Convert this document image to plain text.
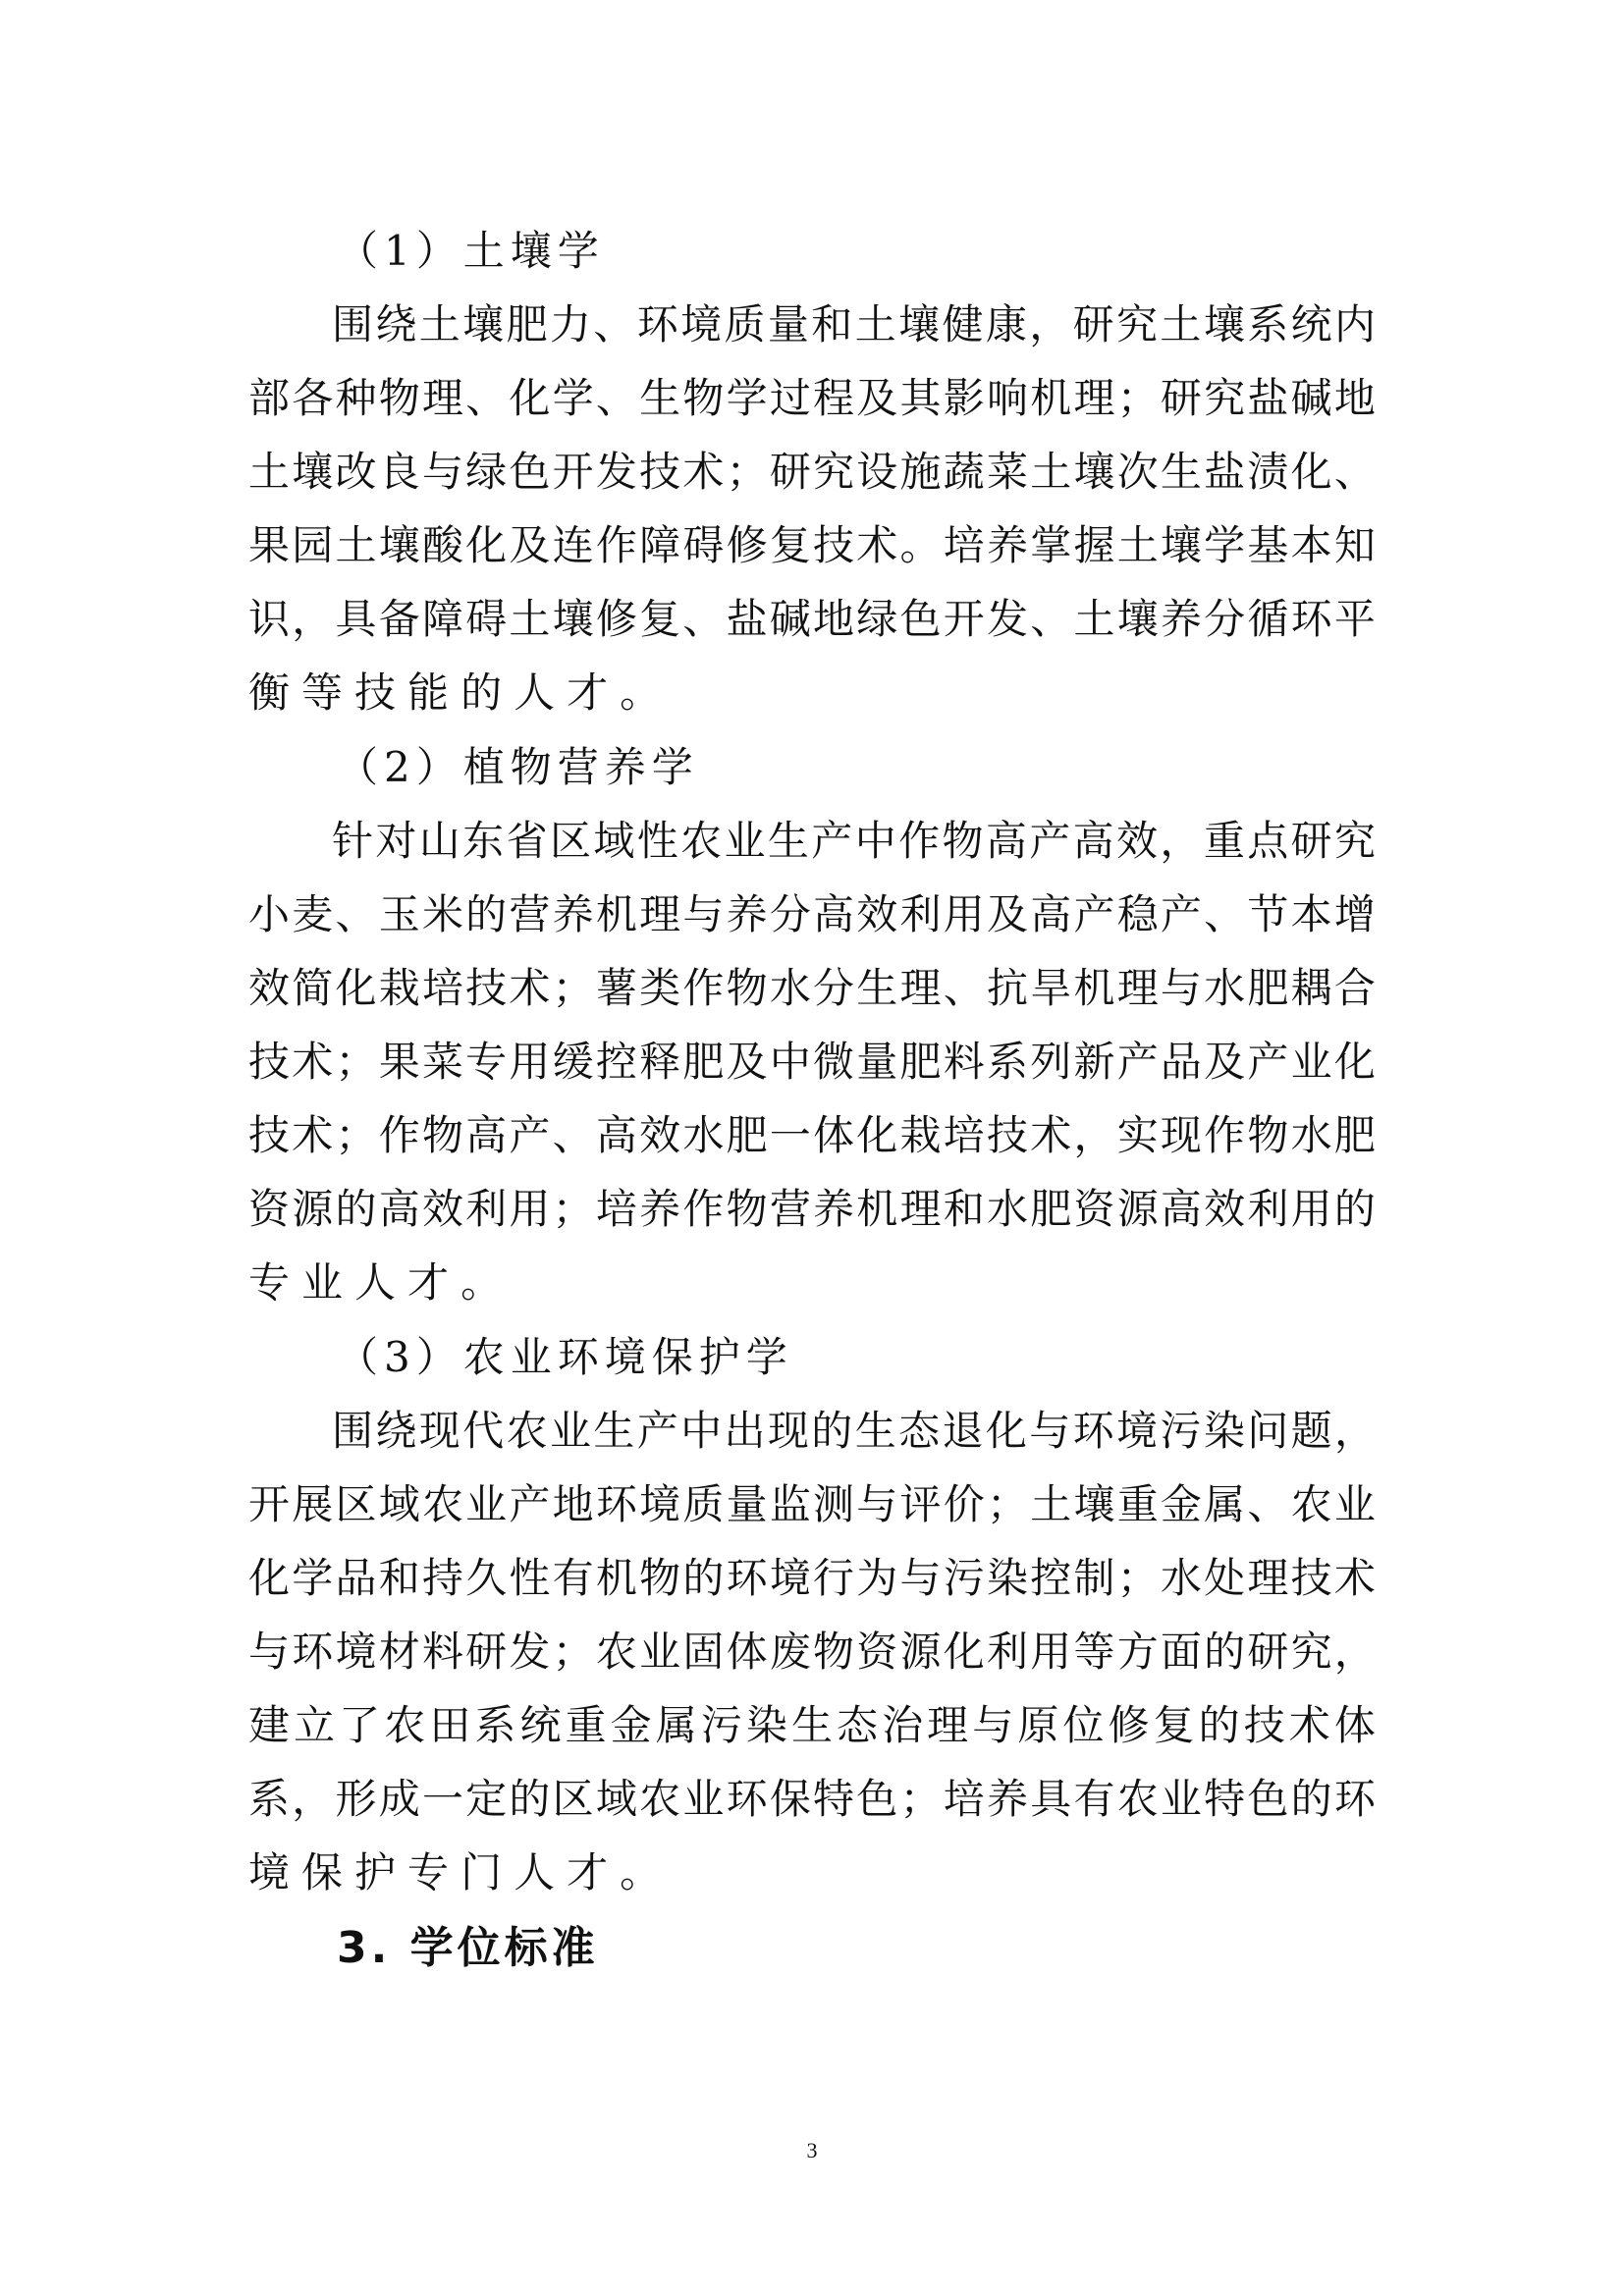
（1）土壤学
围 绕 土 壤 肥 力 、 环 境 质 量 和 土 壤 健 康 ， 研 究 土 壤 系 统 内
部 各 种 物 理 、 化 学 、 生 物 学 过 程 及 其 影 响 机 理 ； 研 究 盐 碱 地
土 壤 改 良 与 绿 色 开 发 技 术 ； 研 究 设 施 蔬 菜 土 壤 次 生 盐 渍 化 、
果 园 土 壤 酸 化 及 连 作 障 碍 修 复 技 术 。 培 养 掌 握 土 壤 学 基 本 知
识 ， 具 备 障 碍 土 壤 修 复 、 盐 碱 地 绿 色 开 发 、 土 壤 养 分 循 环 平
衡 等 技 能 的 人 才 。
（2）植物营养学
针 对 山 东 省 区 域 性 农 业 生 产 中 作 物 高 产 高 效 ， 重 点 研 究
小 麦 、 玉 米 的 营 养 机 理 与 养 分 高 效 利 用 及 高 产 稳 产 、 节 本 增
效 简 化 栽 培 技 术 ； 薯 类 作 物 水 分 生 理 、 抗 旱 机 理 与 水 肥 耦 合
技 术 ； 果 菜 专 用 缓 控 释 肥 及 中 微 量 肥 料 系 列 新 产 品 及 产 业 化
技 术 ； 作 物 高 产 、 高 效 水 肥 一 体 化 栽 培 技 术 ， 实 现 作 物 水 肥
资 源 的 高 效 利 用 ； 培 养 作 物 营 养 机 理 和 水 肥 资 源 高 效 利 用 的
专 业 人 才 。
（3）农业环境保护学
围 绕 现 代 农 业 生 产 中 出 现 的 生 态 退 化 与 环 境 污 染 问 题 ，
开 展 区 域 农 业 产 地 环 境 质 量 监 测 与 评 价 ； 土 壤 重 金 属 、 农 业
化 学 品 和 持 久 性 有 机 物 的 环 境 行 为 与 污 染 控 制 ； 水 处 理 技 术
与 环 境 材 料 研 发 ； 农 业 固 体 废 物 资 源 化 利 用 等 方 面 的 研 究 ，
建 立 了 农 田 系 统 重 金 属 污 染 生 态 治 理 与 原 位 修 复 的 技 术 体
系 ， 形 成 一 定 的 区 域 农 业 环 保 特 色 ； 培 养 具 有 农 业 特 色 的 环
境 保 护 专 门 人 才 。
3. 学位标准
3
